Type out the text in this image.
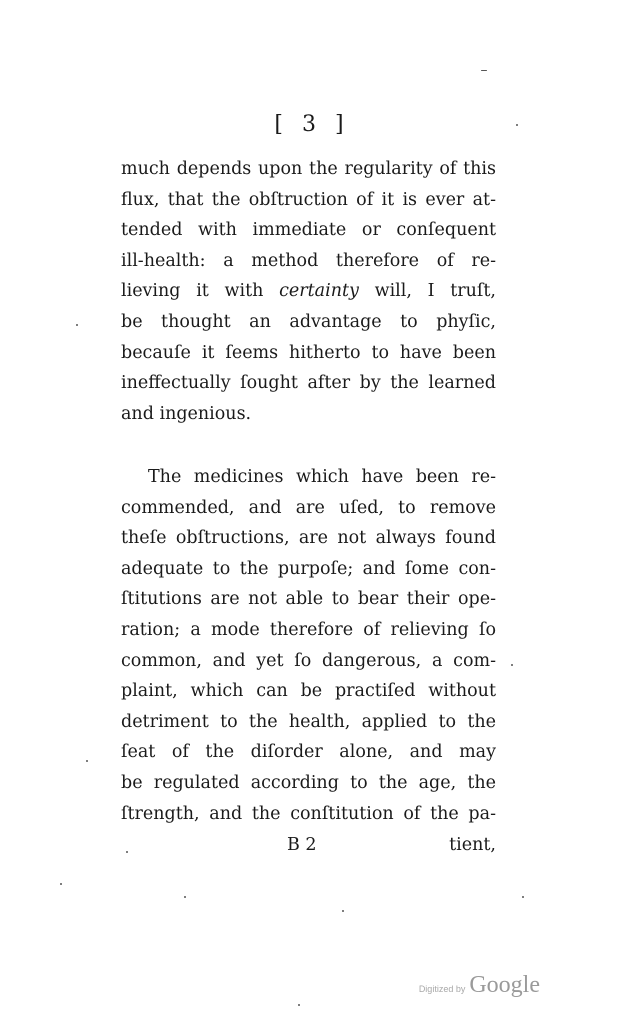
[ 3 ]
much depends upon the regularity of this
flux, that the obſtruction of it is ever at-
tended with immediate or conſequent
ill-health: a method therefore of re-
lieving it with certainty will, I truſt,
be thought an advantage to phyſic,
becauſe it ſeems hitherto to have been
ineffectually ſought after by the learned
and ingenious.
The medicines which have been re-
commended, and are uſed, to remove
theſe obſtructions, are not always found
adequate to the purpoſe; and ſome con-
ſtitutions are not able to bear their ope-
ration; a mode therefore of relieving ſo
common, and yet ſo dangerous, a com-
plaint, which can be practiſed without
detriment to the health, applied to the
ſeat of the diſorder alone, and may
be regulated according to the age, the
ſtrength, and the conſtitution of the pa-
B 2	tient,
Digitized by Google
